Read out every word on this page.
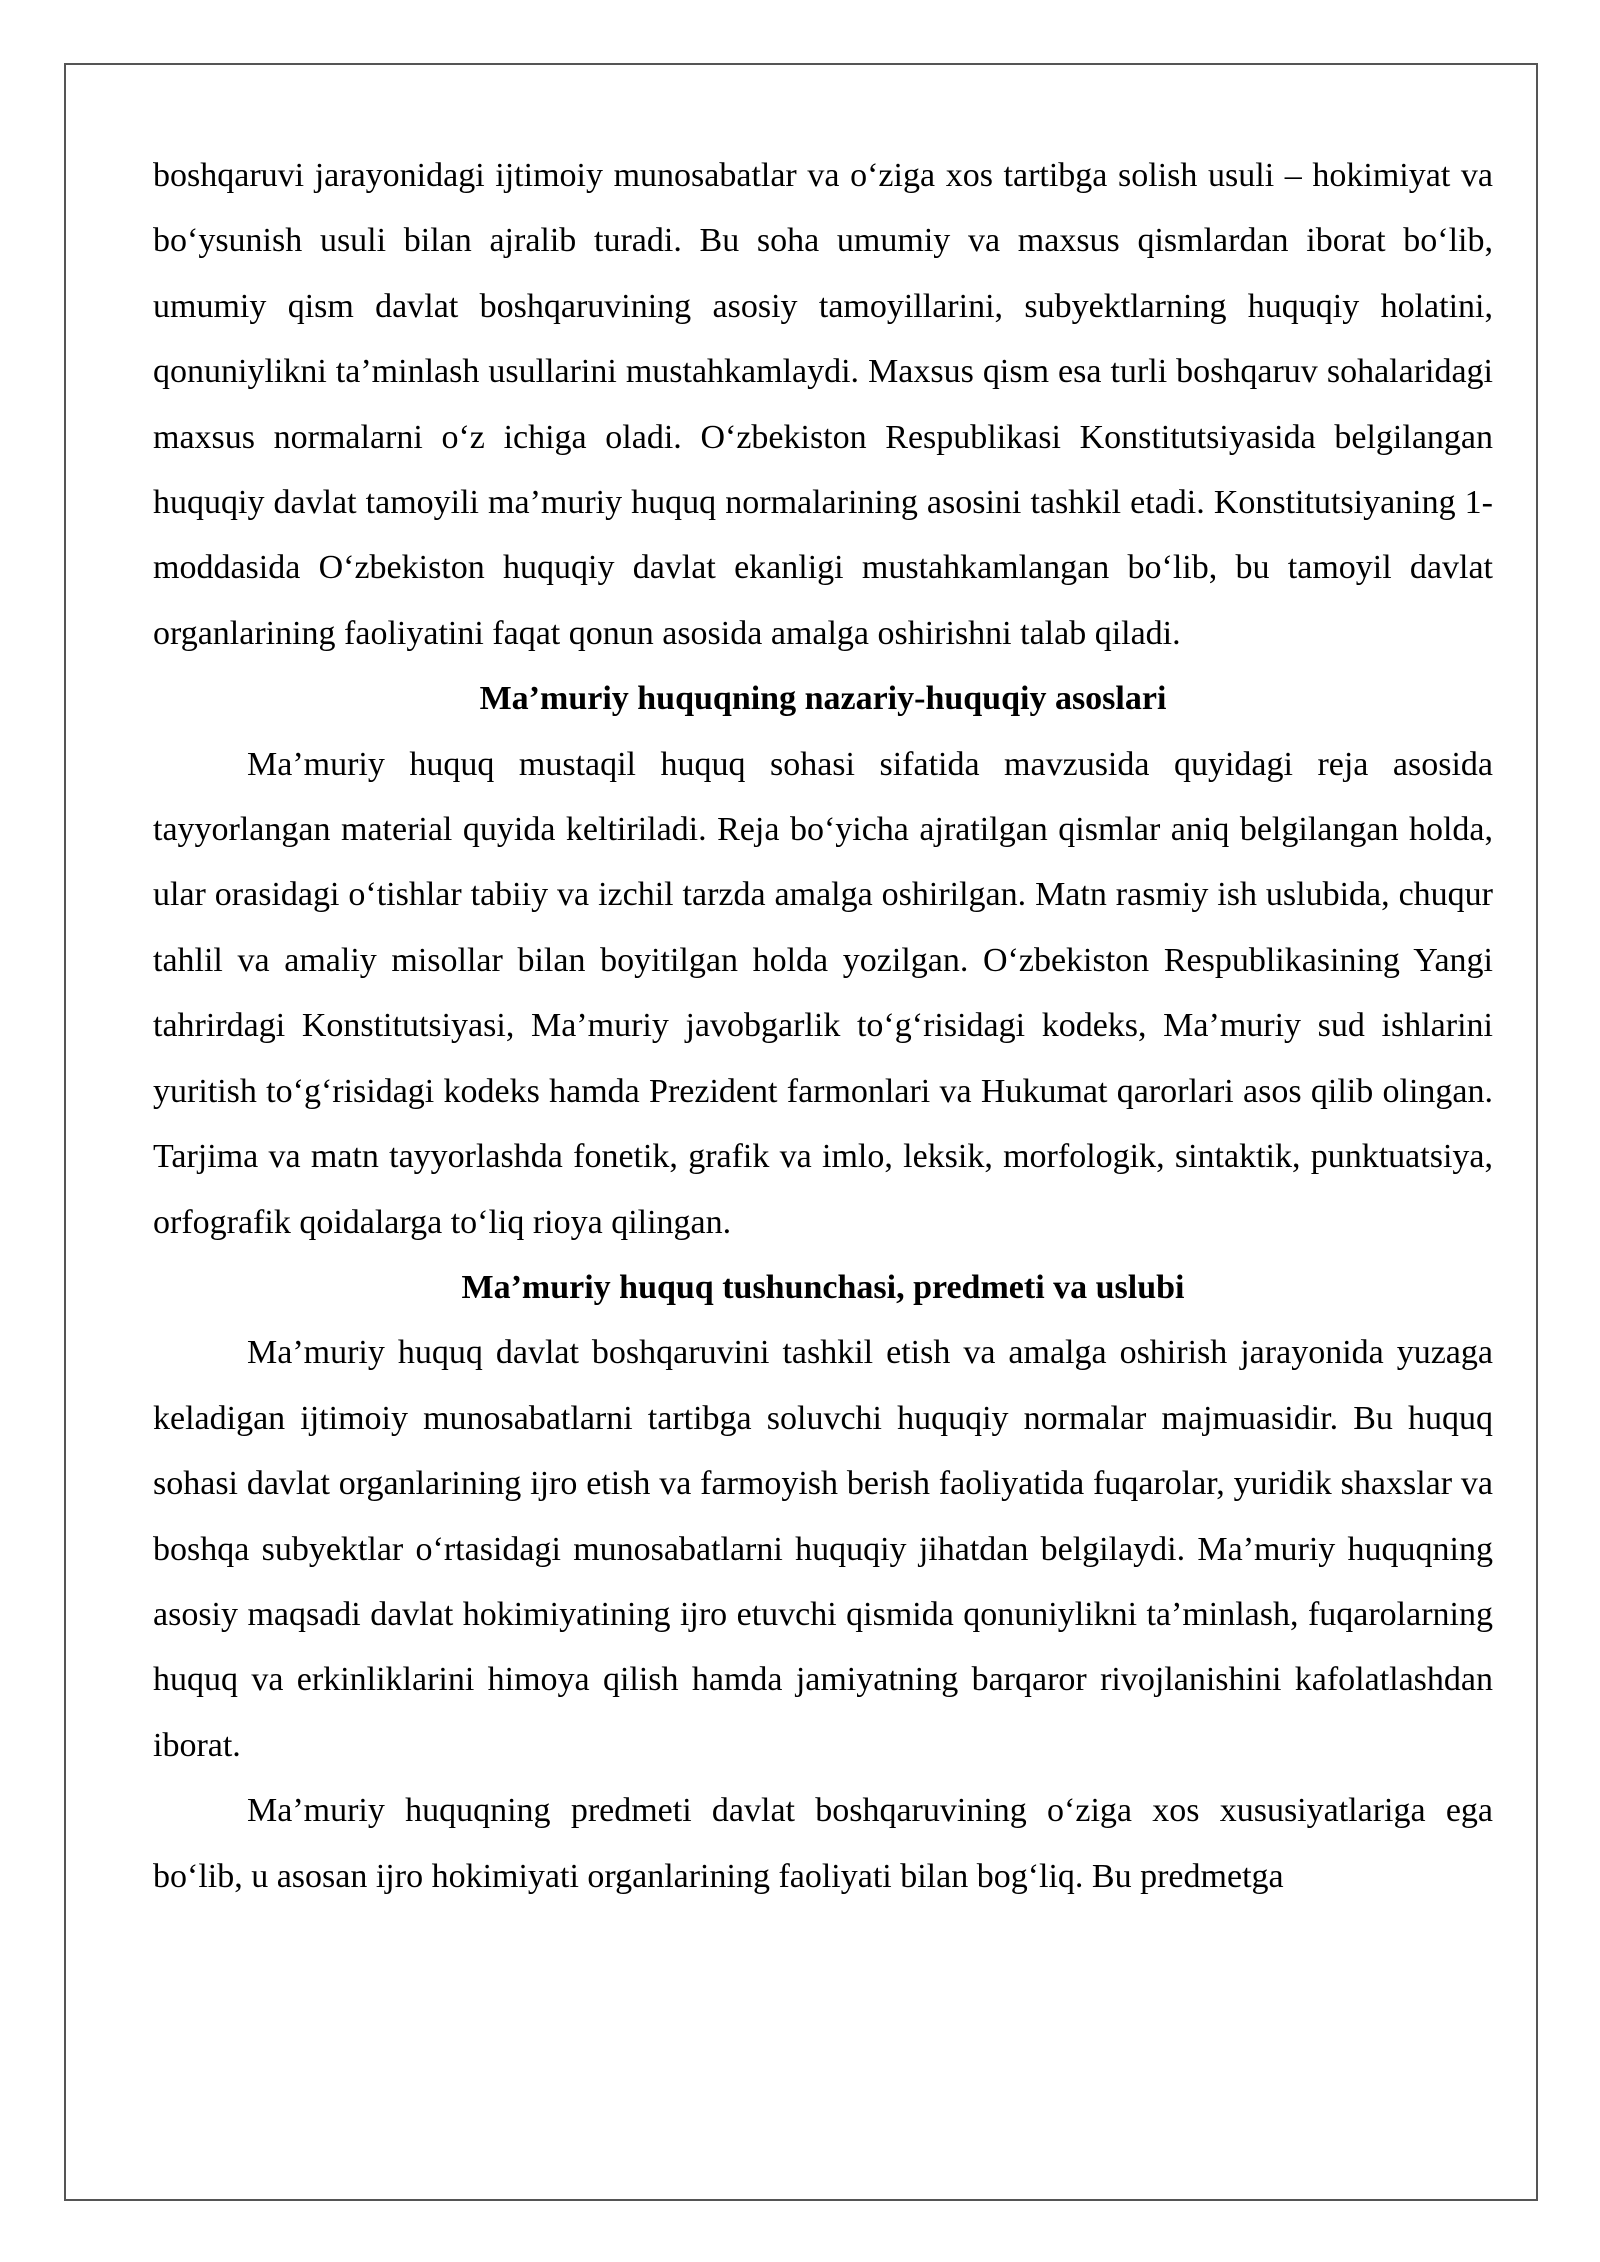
boshqaruvi jarayonidagi ijtimoiy munosabatlar va o‘ziga xos tartibga solish usuli – hokimiyat va bo‘ysunish usuli bilan ajralib turadi. Bu soha umumiy va maxsus qismlardan iborat bo‘lib, umumiy qism davlat boshqaruvining asosiy tamoyillarini, subyektlarning huquqiy holatini, qonuniylikni ta’minlash usullarini mustahkamlaydi. Maxsus qism esa turli boshqaruv sohalaridagi maxsus normalarni o‘z ichiga oladi. O‘zbekiston Respublikasi Konstitutsiyasida belgilangan huquqiy davlat tamoyili ma’muriy huquq normalarining asosini tashkil etadi. Konstitutsiyaning 1-moddasida O‘zbekiston huquqiy davlat ekanligi mustahkamlangan bo‘lib, bu tamoyil davlat organlarining faoliyatini faqat qonun asosida amalga oshirishni talab qiladi.

Ma’muriy huquqning nazariy-huquqiy asoslari

Ma’muriy huquq mustaqil huquq sohasi sifatida mavzusida quyidagi reja asosida tayyorlangan material quyida keltiriladi. Reja bo‘yicha ajratilgan qismlar aniq belgilangan holda, ular orasidagi o‘tishlar tabiiy va izchil tarzda amalga oshirilgan. Matn rasmiy ish uslubida, chuqur tahlil va amaliy misollar bilan boyitilgan holda yozilgan. O‘zbekiston Respublikasining Yangi tahrirdagi Konstitutsiyasi, Ma’muriy javobgarlik to‘g‘risidagi kodeks, Ma’muriy sud ishlarini yuritish to‘g‘risidagi kodeks hamda Prezident farmonlari va Hukumat qarorlari asos qilib olingan. Tarjima va matn tayyorlashda fonetik, grafik va imlo, leksik, morfologik, sintaktik, punktuatsiya, orfografik qoidalarga to‘liq rioya qilingan.

Ma’muriy huquq tushunchasi, predmeti va uslubi

Ma’muriy huquq davlat boshqaruvini tashkil etish va amalga oshirish jarayonida yuzaga keladigan ijtimoiy munosabatlarni tartibga soluvchi huquqiy normalar majmuasidir. Bu huquq sohasi davlat organlarining ijro etish va farmoyish berish faoliyatida fuqarolar, yuridik shaxslar va boshqa subyektlar o‘rtasidagi munosabatlarni huquqiy jihatdan belgilaydi. Ma’muriy huquqning asosiy maqsadi davlat hokimiyatining ijro etuvchi qismida qonuniylikni ta’minlash, fuqarolarning huquq va erkinliklarini himoya qilish hamda jamiyatning barqaror rivojlanishini kafolatlashdan iborat.

Ma’muriy huquqning predmeti davlat boshqaruvining o‘ziga xos xususiyatlariga ega bo‘lib, u asosan ijro hokimiyati organlarining faoliyati bilan bog‘liq. Bu predmetga
